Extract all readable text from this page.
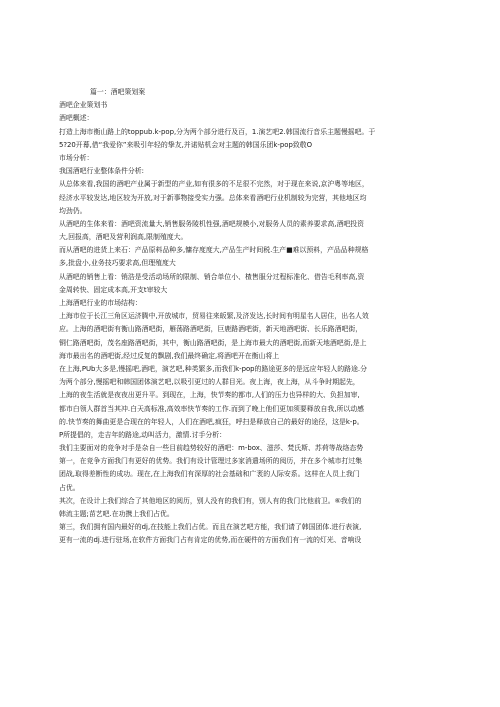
篇一：酒吧策划案
酒吧企业策划书
酒吧概述：
打造上海市衡山路上的toppub.k-pop,分为两个部分进行及百，1.演艺吧2.韩国流行音乐主题慢摇吧。于
5?20开幕,借“我爱你”来吸引年轻的挚友,并诺贴机会对主题的韩国乐团k-pop致敬O
市场分析：
我国酒吧行业整体条件分析:
从总体来看,我国的酒吧产业属于新型的产业,如有很多的不足很不完然，对于现在来说,京沪粤等地区，
经济水平较发达,地区较为开放,对于新事物接受实力强。总体来看酒吧行业机制较为完营，其他地区均
均劲仍。
从酒吧的生体来看：酒吧资流量大,销售服务陵机性强,酒吧规模小,对服务人员的素养要求高,酒吧投资
大,回报高，酒吧及营利润高,限制殖度大。
而从酒吧的进货上来石：产品原料品种多,慵存度度大,产品生产时间税.生产■难以预料，产品品种规格
多,批盘小,业务技巧要求高,但理殖度大
从酒吧的销售上看：销浩是受活动场所的限制、销合单位小、楂售服分过程标准化、借告毛利率高,资
金周转快、固定成本高,开支t审较大
上海酒吧行业的市场结构：
上海市位于长江三角区运济腾中,开放城市，贸易往来皈繁,及济发达,长时间有明星名人居住，出名人效
应。上海的酒吧街有衡山路酒吧街，雁荡路酒吧街，巨鹿路酒吧街，新天地酒吧街、长乐路酒吧街，
铜仁路酒吧街，茂名座路酒吧街，其中，衡山路酒吧街，是上海市最大的酒吧街,而新天地酒吧街,是上
海市最出名的酒吧街,经过反复的飘剧,我们最终确定,将酒吧开在衡山将上
在上海,PUb大多是,慢摇吧,酒吧，演艺吧,种类繁多,而我们k-pop的路途更多的是远应年轻人的路途.分
为两个部分,慢摇吧和韩国团体演艺吧,以吸引更过的人群目光。夜上海，夜上海，从斗争时期起先，
上海的夜生活就是夜夜出更升平。到现在，上海，快节奏的都市,人们的压力也异样的大、负担加审,
都市白领人群首当其冲.白天高标准,高效率快节奏的工作.而到了晚上他们更加须要释放自我,所以动感
的.快节奏的舞曲更是合现在的年轻人，人们在酒吧,疯狂，呼扫是释放自己的最好的途径，这是k-p。
P所提倡的，走吉年的路途,动叫活力，激情.讨手分析：
我们主要面对的竞争对手是杂自一些目前趋势较好的酒吧：m-box、滋莎、梵氏斯、苏荷等战络态势
第一，在竞争方面我门有更好的优势。我们有设计管理过多家消遣场所的阅历，并在多个城市打过集
团战,取得差断性的成功。现在,在上海我们有深厚的社会基础和广袤的人际安系。这样在人员上我门
占优。
其次，在设计上我们综合了其他地区的阅历，别人没有的我们有，别人有的我门比他前卫。⑥我们的
韩流主题;苗艺吧.在功携上我们占优。
第三，我们拥有国内最好的dj,在技能上我们占优。而且在演艺吧方能，我们请了韩国团体.进行表演,
更有一流的dj.进行驻场,在软件方面我门占有肯定的优势,而在硬件的方面我们有一流的灯光、音响设
